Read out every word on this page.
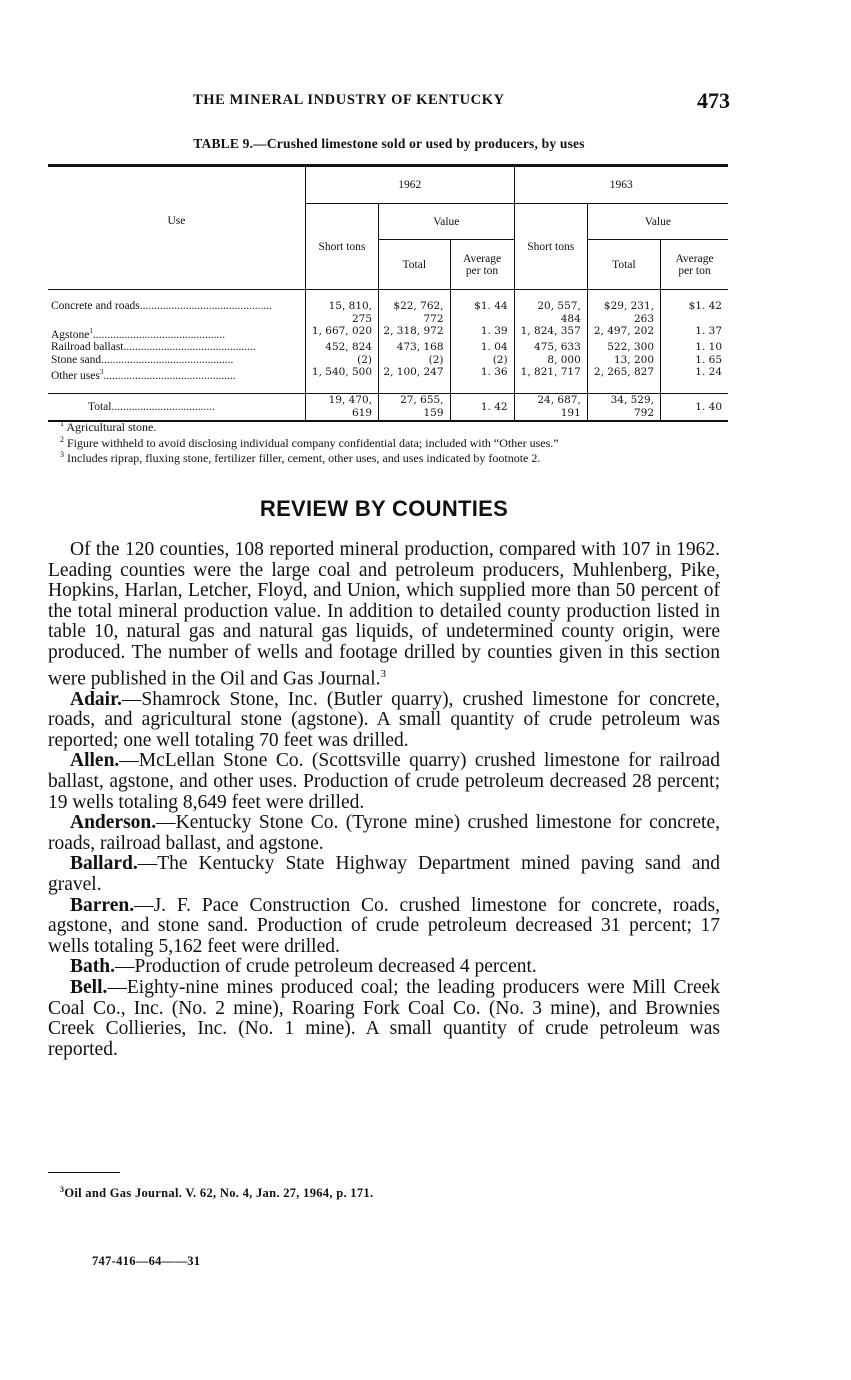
THE MINERAL INDUSTRY OF KENTUCKY	473
TABLE 9.—Crushed limestone sold or used by producers, by uses
Use	1962			1963		
	Short tons	Value		Short tons	Value	
		Total	Average
per ton		Total	Average
per ton
Concrete and roads..............................................	15, 810, 275	$22, 762, 772	$1. 44	20, 557, 484	$29, 231, 263	$1. 42
Agstone$^1$..............................................	1, 667, 020	2, 318, 972	1. 39	1, 824, 357	2, 497, 202	1. 37
Railroad ballast..............................................	452, 824	473, 168	1. 04	475, 633	522, 300	1. 10
Stone sand..............................................	(2)	(2)	(2)	8, 000	13, 200	1. 65
Other uses$^3$..............................................	1, 540, 500	2, 100, 247	1. 36	1, 821, 717	2, 265, 827	1. 24
Total....................................	19, 470, 619	27, 655, 159	1. 42	24, 687, 191	34, 529, 792	1. 40
$^1$ Agricultural stone.
$^2$ Figure withheld to avoid disclosing individual company confidential data; included with “Other uses.”
$^3$ Includes riprap, fluxing stone, fertilizer filler, cement, other uses, and uses indicated by footnote 2.
REVIEW BY COUNTIES

Of the 120 counties, 108 reported mineral production, compared with 107 in 1962. Leading counties were the large coal and petroleum producers, Muhlenberg, Pike, Hopkins, Harlan, Letcher, Floyd, and Union, which supplied more than 50 percent of the total mineral production value. In addition to detailed county production listed in table 10, natural gas and natural gas liquids, of undetermined county origin, were produced. The number of wells and footage drilled by counties given in this section were published in the Oil and Gas Journal.$^3$

Adair.—Shamrock Stone, Inc. (Butler quarry), crushed limestone for concrete, roads, and agricultural stone (agstone). A small quantity of crude petroleum was reported; one well totaling 70 feet was drilled.

Allen.—McLellan Stone Co. (Scottsville quarry) crushed limestone for railroad ballast, agstone, and other uses. Production of crude petroleum decreased 28 percent; 19 wells totaling 8,649 feet were drilled.

Anderson.—Kentucky Stone Co. (Tyrone mine) crushed limestone for concrete, roads, railroad ballast, and agstone.

Ballard.—The Kentucky State Highway Department mined paving sand and gravel.

Barren.—J. F. Pace Construction Co. crushed limestone for concrete, roads, agstone, and stone sand. Production of crude petroleum decreased 31 percent; 17 wells totaling 5,162 feet were drilled.

Bath.—Production of crude petroleum decreased 4 percent.

Bell.—Eighty-nine mines produced coal; the leading producers were Mill Creek Coal Co., Inc. (No. 2 mine), Roaring Fork Coal Co. (No. 3 mine), and Brownies Creek Collieries, Inc. (No. 1 mine). A small quantity of crude petroleum was reported.

$^3$Oil and Gas Journal. V. 62, No. 4, Jan. 27, 1964, p. 171.
747-416—64——31
